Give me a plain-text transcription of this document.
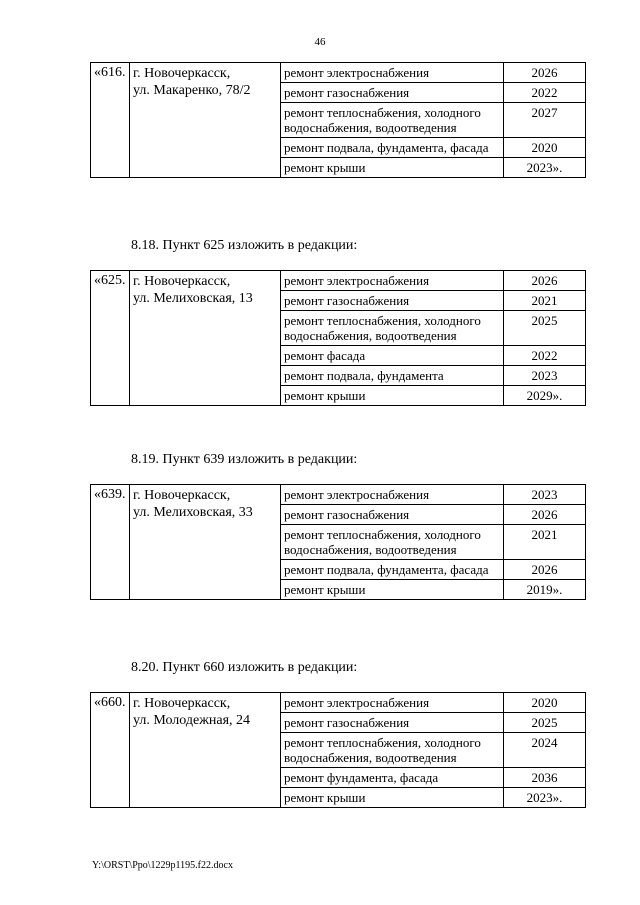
46
«616.	г. Новочеркасск,
ул. Макаренко, 78/2	ремонт электроснабжения	2026
		ремонт газоснабжения	2022
		ремонт теплоснабжения, холодного водоснабжения, водоотведения	2027
		ремонт подвала, фундамента, фасада	2020
		ремонт крыши	2023».
8.18. Пункт 625 изложить в редакции:
«625.	г. Новочеркасск,
ул. Мелиховская, 13	ремонт электроснабжения	2026
		ремонт газоснабжения	2021
		ремонт теплоснабжения, холодного водоснабжения, водоотведения	2025
		ремонт фасада	2022
		ремонт подвала, фундамента	2023
		ремонт крыши	2029».
8.19. Пункт 639 изложить в редакции:
«639.	г. Новочеркасск,
ул. Мелиховская, 33	ремонт электроснабжения	2023
		ремонт газоснабжения	2026
		ремонт теплоснабжения, холодного водоснабжения, водоотведения	2021
		ремонт подвала, фундамента, фасада	2026
		ремонт крыши	2019».
8.20. Пункт 660 изложить в редакции:
«660.	г. Новочеркасск,
ул. Молодежная, 24	ремонт электроснабжения	2020
		ремонт газоснабжения	2025
		ремонт теплоснабжения, холодного водоснабжения, водоотведения	2024
		ремонт фундамента, фасада	2036
		ремонт крыши	2023».
Y:\ORST\Ppo\1229p1195.f22.docx
